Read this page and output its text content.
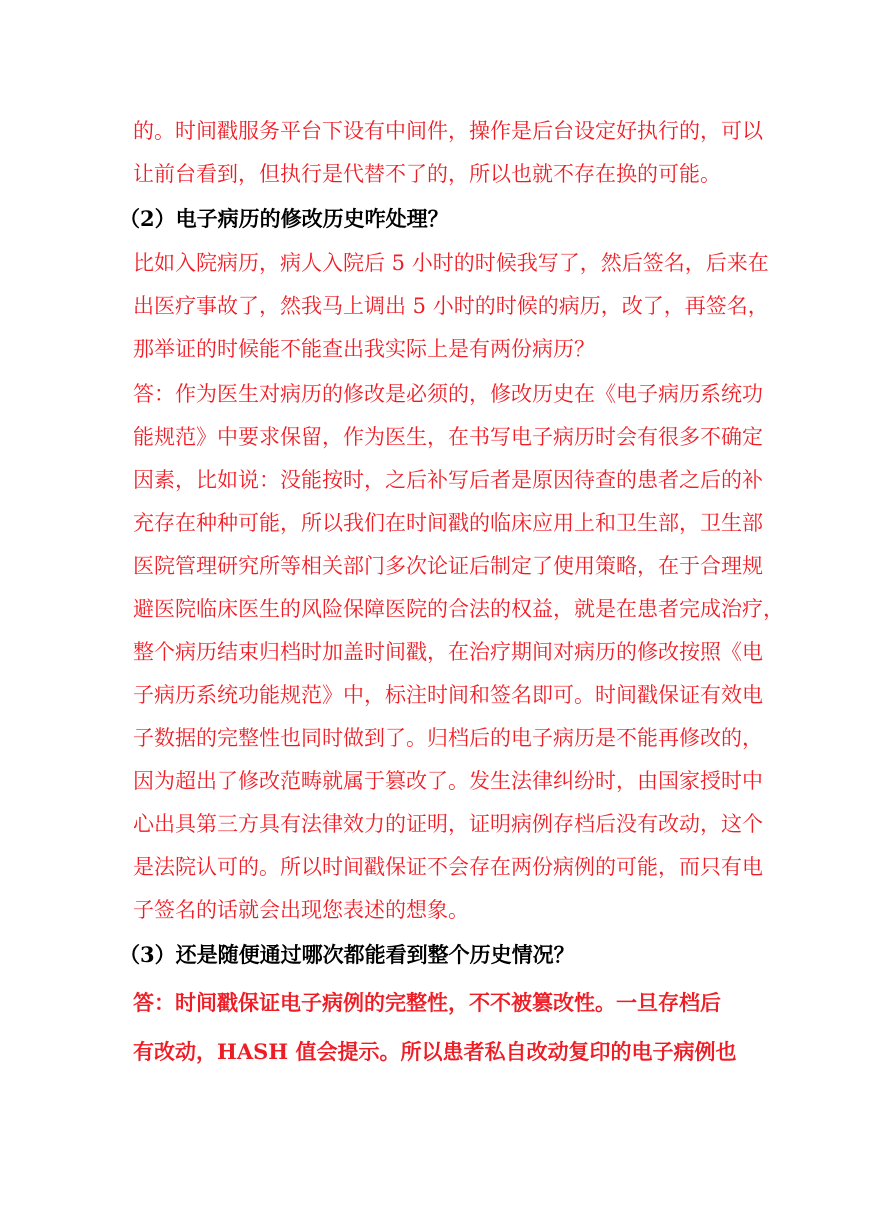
的。时间戳服务平台下设有中间件，操作是后台设定好执行的，可以

让前台看到，但执行是代替不了的，所以也就不存在换的可能。

（2）电子病历的修改历史咋处理？

比如入院病历，病人入院后 5 小时的时候我写了，然后签名，后来在

出医疗事故了，然我马上调出 5 小时的时候的病历，改了，再签名，

那举证的时候能不能查出我实际上是有两份病历？

答：作为医生对病历的修改是必须的，修改历史在《电子病历系统功

能规范》中要求保留，作为医生，在书写电子病历时会有很多不确定

因素，比如说：没能按时，之后补写后者是原因待查的患者之后的补

充存在种种可能，所以我们在时间戳的临床应用上和卫生部，卫生部

医院管理研究所等相关部门多次论证后制定了使用策略，在于合理规

避医院临床医生的风险保障医院的合法的权益，就是在患者完成治疗，

整个病历结束归档时加盖时间戳，在治疗期间对病历的修改按照《电

子病历系统功能规范》中，标注时间和签名即可。时间戳保证有效电

子数据的完整性也同时做到了。归档后的电子病历是不能再修改的，

因为超出了修改范畴就属于篡改了。发生法律纠纷时，由国家授时中

心出具第三方具有法律效力的证明，证明病例存档后没有改动，这个

是法院认可的。所以时间戳保证不会存在两份病例的可能，而只有电

子签名的话就会出现您表述的想象。

（3）还是随便通过哪次都能看到整个历史情况？

答：时间戳保证电子病例的完整性，不不被篡改性。一旦存档后

有改动，HASH 值会提示。所以患者私自改动复印的电子病例也
